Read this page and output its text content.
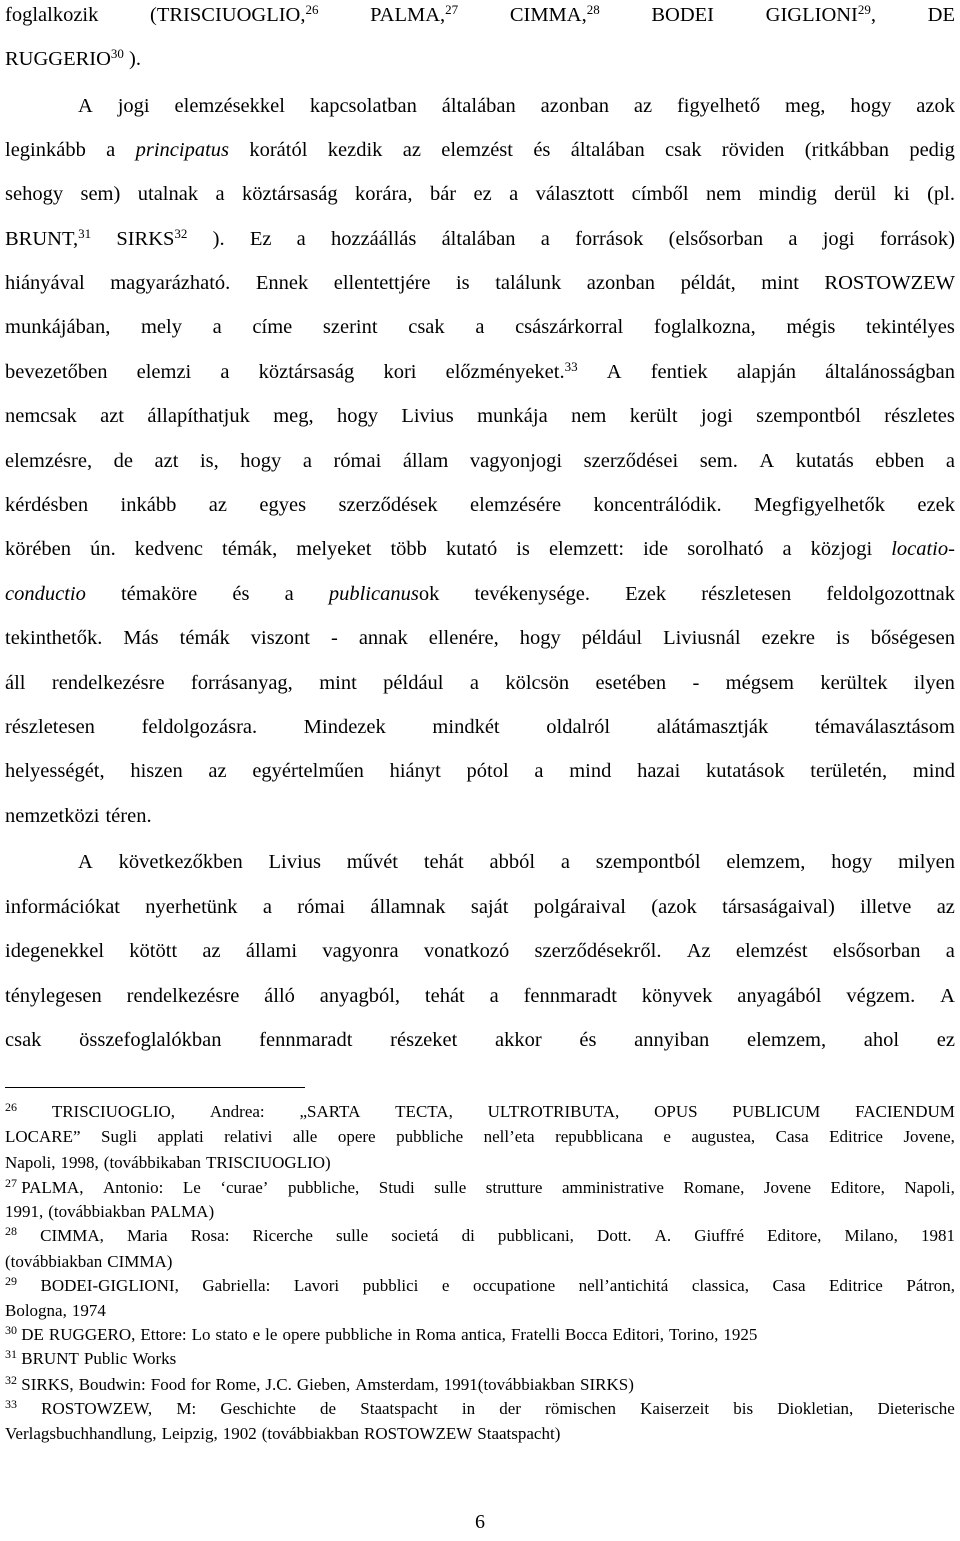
foglalkozik	(TRISCIUOGLIO,$^{26}$	PALMA,$^{27}$	CIMMA,$^{28}$	BODEI	GIGLIONI$^{29}$,	DE
RUGGERIO$^{30}$ ).
A jogi elemzésekkel kapcsolatban általában azonban az figyelhető meg, hogy azok
leginkább a principatus korától kezdik az elemzést és általában csak röviden (ritkábban pedig
sehogy sem) utalnak a köztársaság korára, bár ez a választott címből nem mindig derül ki (pl.
BRUNT,$^{31}$ SIRKS$^{32}$ ). Ez a hozzáállás általában a források (elsősorban a jogi források)
hiányával magyarázható. Ennek ellentettjére is találunk azonban példát, mint ROSTOWZEW
munkájában, mely a címe szerint csak a császárkorral foglalkozna, mégis tekintélyes
bevezetőben elemzi a köztársaság kori előzményeket.$^{33}$ A fentiek alapján általánosságban
nemcsak azt állapíthatjuk meg, hogy Livius munkája nem került jogi szempontból részletes
elemzésre, de azt is, hogy a római állam vagyonjogi szerződései sem. A kutatás ebben a
kérdésben inkább az egyes szerződések elemzésére koncentrálódik. Megfigyelhetők ezek
körében ún. kedvenc témák, melyeket több kutató is elemzett: ide sorolható a közjogi locatio-
conductio témaköre és a publicanusok tevékenysége. Ezek részletesen feldolgozottnak
tekinthetők. Más témák viszont - annak ellenére, hogy például Liviusnál ezekre is bőségesen
áll rendelkezésre forrásanyag, mint például a kölcsön esetében - mégsem kerültek ilyen
részletesen feldolgozásra. Mindezek mindkét oldalról alátámasztják témaválasztásom
helyességét, hiszen az egyértelműen hiányt pótol a mind hazai kutatások területén, mind
nemzetközi téren.
A következőkben Livius művét tehát abból a szempontból elemzem, hogy milyen
információkat nyerhetünk a római államnak saját polgáraival (azok társaságaival) illetve az
idegenekkel kötött az állami vagyonra vonatkozó szerződésekről. Az elemzést elsősorban a
ténylegesen rendelkezésre álló anyagból, tehát a fennmaradt könyvek anyagából végzem. A
csak összefoglalókban fennmaradt részeket akkor és annyiban elemzem, ahol ez
$^{26}$ TRISCIUOGLIO, Andrea: „SARTA TECTA, ULTROTRIBUTA, OPUS PUBLICUM FACIENDUM
LOCARE” Sugli applati relativi alle opere pubbliche nell’eta repubblicana e augustea, Casa Editrice Jovene,
Napoli, 1998, (továbbikaban TRISCIUOGLIO)
$^{27}$ PALMA, Antonio: Le ‘curae’ pubbliche, Studi sulle strutture amministrative Romane, Jovene Editore, Napoli,
1991, (továbbiakban PALMA)
$^{28}$ CIMMA, Maria Rosa: Ricerche sulle societá di pubblicani, Dott. A. Giuffré Editore, Milano, 1981
(továbbiakban CIMMA)
$^{29}$ BODEI-GIGLIONI, Gabriella: Lavori pubblici e occupatione nell’antichitá classica, Casa Editrice Pátron,
Bologna, 1974
$^{30}$ DE RUGGERO, Ettore: Lo stato e le opere pubbliche in Roma antica, Fratelli Bocca Editori, Torino, 1925
$^{31}$ BRUNT Public Works
$^{32}$ SIRKS, Boudwin: Food for Rome, J.C. Gieben, Amsterdam, 1991(továbbiakban SIRKS)
$^{33}$ ROSTOWZEW, M: Geschichte de Staatspacht in der römischen Kaiserzeit bis Diokletian, Dieterische
Verlagsbuchhandlung, Leipzig, 1902 (továbbiakban ROSTOWZEW Staatspacht)
6
